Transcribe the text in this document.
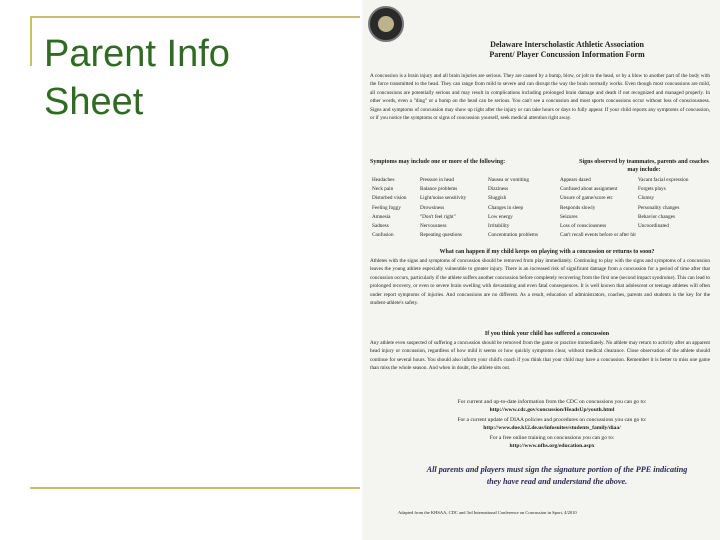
Parent Info
Sheet
Delaware Interscholastic Athletic Association
Parent/ Player Concussion Information Form
A concussion is a brain injury and all brain injuries are serious. They are caused by a bump, blow, or jolt to the head, or by a blow to another part of the body with the force transmitted to the head. They can range from mild to severe and can disrupt the way the brain normally works. Even though most concussions are mild, all concussions are potentially serious and may result in complications including prolonged brain damage and death if not recognized and managed properly. In other words, even a "ding" or a bump on the head can be serious. You can't see a concussion and most sports concussions occur without loss of consciousness. Signs and symptoms of concussion may show up right after the injury or can take hours or days to fully appear. If your child reports any symptoms of concussion, or if you notice the symptoms or signs of concussion yourself, seek medical attention right away.
Symptoms may include one or more of the following:	Signs observed by teammates, parents and coaches
may include:
Headaches
Neck pain
Disturbed vision
Feeling foggy
Amnesia
Sadness
Confusion
Pressure in head
Balance problems
Light/noise sensitivity
Drowsiness
"Don't feel right"
Nervousness
Repeating questions
Nausea or vomiting
Dizziness
Sluggish
Changes in sleep
Low energy
Irritability
Concentration problems
Appears dazed
Confused about assignment
Unsure of game/score etc
Responds slowly
Seizures
Loss of consciousness
Can't recall events before or after hit
Vacant facial expression
Forgets plays
Clumsy
Personality changes
Behavior changes
Uncoordinated
What can happen if my child keeps on playing with a concussion or returns to soon?
Athletes with the signs and symptoms of concussion should be removed from play immediately. Continuing to play with the signs and symptoms of a concussion leaves the young athlete especially vulnerable to greater injury. There is an increased risk of significant damage from a concussion for a period of time after that concussion occurs, particularly if the athlete suffers another concussion before completely recovering from the first one (second impact syndrome). This can lead to prolonged recovery, or even to severe brain swelling with devastating and even fatal consequences. It is well known that adolescent or teenage athletes will often under report symptoms of injuries. And concussions are no different. As a result, education of administrators, coaches, parents and students is the key for the student-athlete's safety.
If you think your child has suffered a concussion
Any athlete even suspected of suffering a concussion should be removed from the game or practice immediately. No athlete may return to activity after an apparent head injury or concussion, regardless of how mild it seems or how quickly symptoms clear, without medical clearance. Close observation of the athlete should continue for several hours. You should also inform your child's coach if you think that your child may have a concussion. Remember it is better to miss one game than miss the whole season. And when in doubt, the athlete sits out.
For current and up-to-date information from the CDC on concussions you can go to:
http://www.cdc.gov/concussion/HeadsUp/youth.html
For a current update of DIAA policies and procedures on concussions you can go to:
http://www.doe.k12.de.us/infosuites/students_family/diaa/
For a free online training on concussions you can go to:
http://www.nfhs.org/education.aspx
All parents and players must sign the signature portion of the PPE indicating
they have read and understand the above.
Adapted from the KHSAA, CDC and 3rd International Conference on Concussion in Sport, 4/2010
